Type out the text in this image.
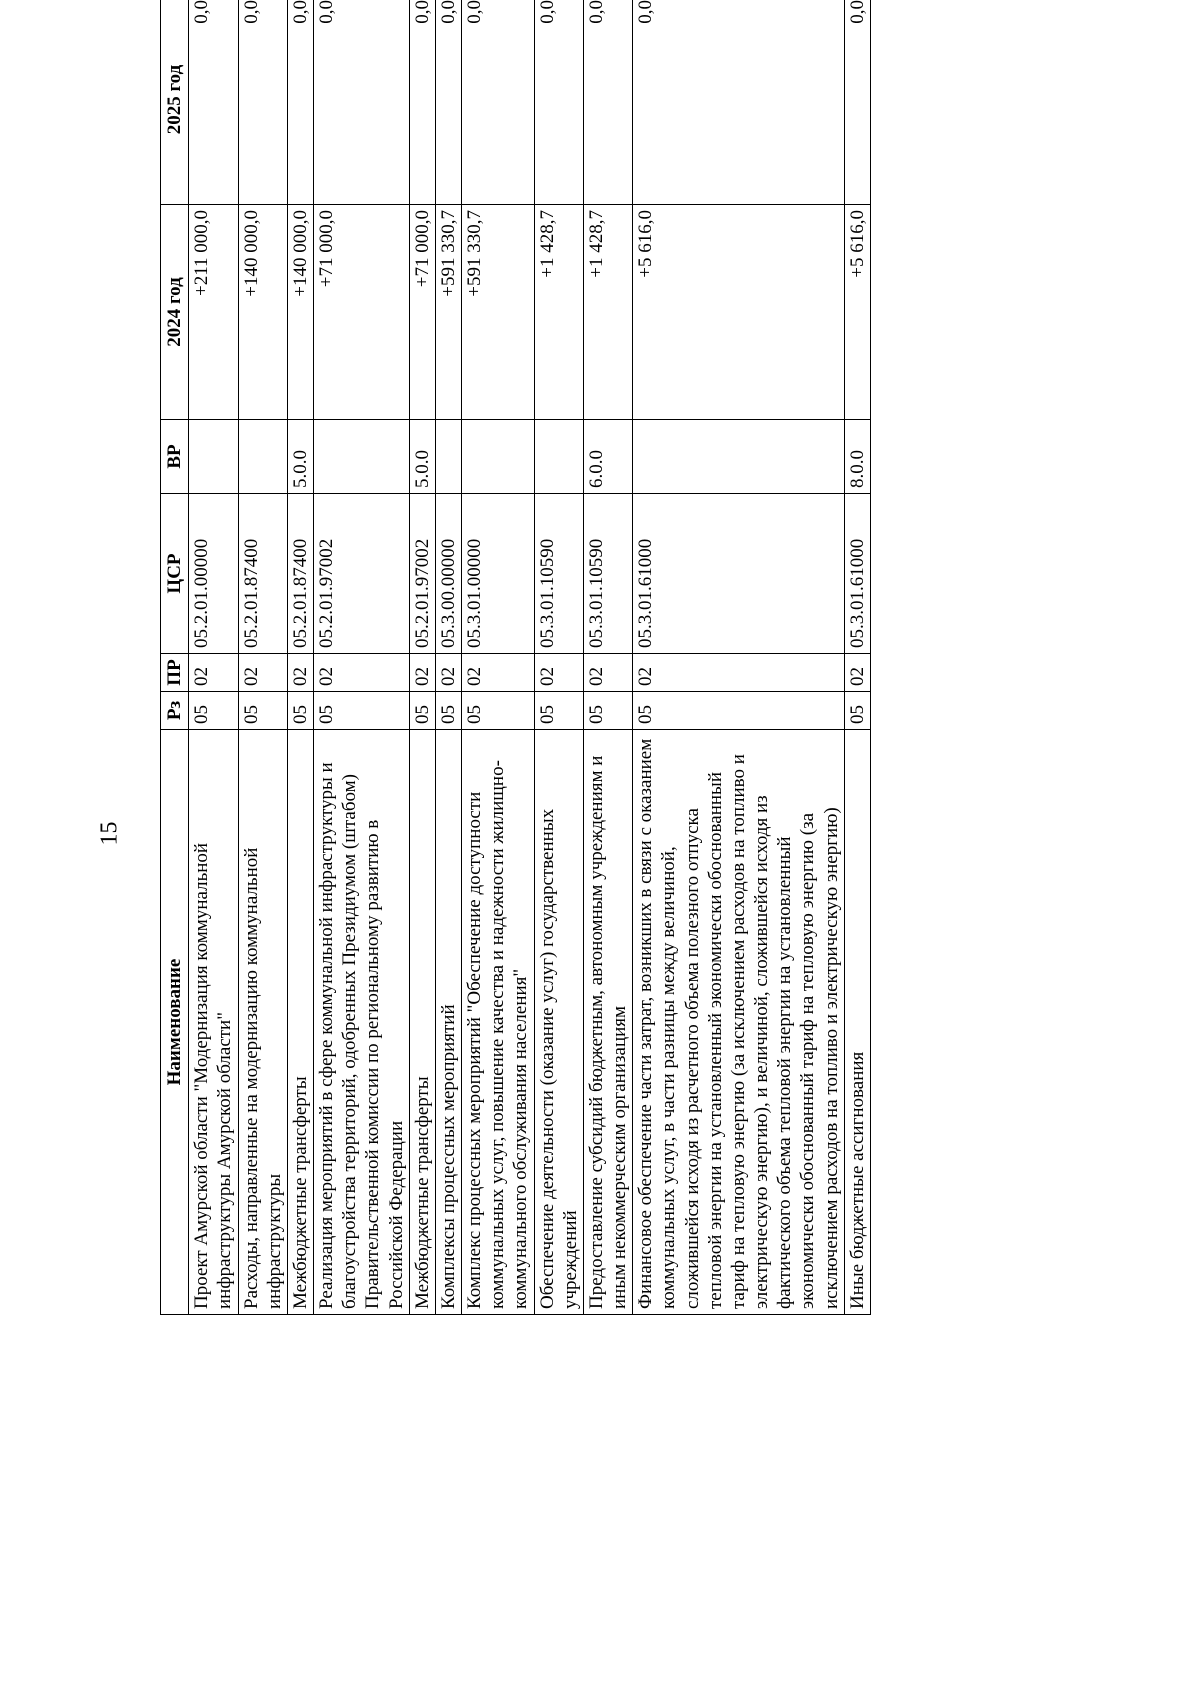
15
Наименование	Рз	ПР	ЦСР	ВР	2024 год	2025 год	
Проект Амурской области "Модернизация коммунальной инфраструктуры Амурской области"	05	02	05.2.01.00000		+211 000,0	0,0	
Расходы, направленные на модернизацию коммунальной инфраструктуры	05	02	05.2.01.87400		+140 000,0	0,0	
Межбюджетные трансферты	05	02	05.2.01.87400	5.0.0	+140 000,0	0,0	
Реализация мероприятий в сфере коммунальной инфраструктуры и благоустройства территорий, одобренных Президиумом (штабом) Правительственной комиссии по региональному развитию в Российской Федерации	05	02	05.2.01.97002		+71 000,0	0,0	
Межбюджетные трансферты	05	02	05.2.01.97002	5.0.0	+71 000,0	0,0	
Комплексы процессных мероприятий	05	02	05.3.00.00000		+591 330,7	0,0	
Комплекс процессных мероприятий "Обеспечение доступности коммунальных услуг, повышение качества и надежности жилищно-коммунального обслуживания населения"	05	02	05.3.01.00000		+591 330,7	0,0	
Обеспечение деятельности (оказание услуг) государственных учреждений	05	02	05.3.01.10590		+1 428,7	0,0	
Предоставление субсидий бюджетным, автономным учреждениям и иным некоммерческим организациям	05	02	05.3.01.10590	6.0.0	+1 428,7	0,0	
Финансовое обеспечение части затрат, возникших в связи с оказанием коммунальных услуг, в части разницы между величиной, сложившейся исходя из расчетного объема полезного отпуска тепловой энергии на установленный экономически обоснованный тариф на тепловую энергию (за исключением расходов на топливо и электрическую энергию), и величиной, сложившейся исходя из фактического объема тепловой энергии на установленный экономически обоснованный тариф на тепловую энергию (за исключением расходов на топливо и электрическую энергию)	05	02	05.3.01.61000		+5 616,0	0,0	
Иные бюджетные ассигнования	05	02	05.3.01.61000	8.0.0	+5 616,0	0,0	
